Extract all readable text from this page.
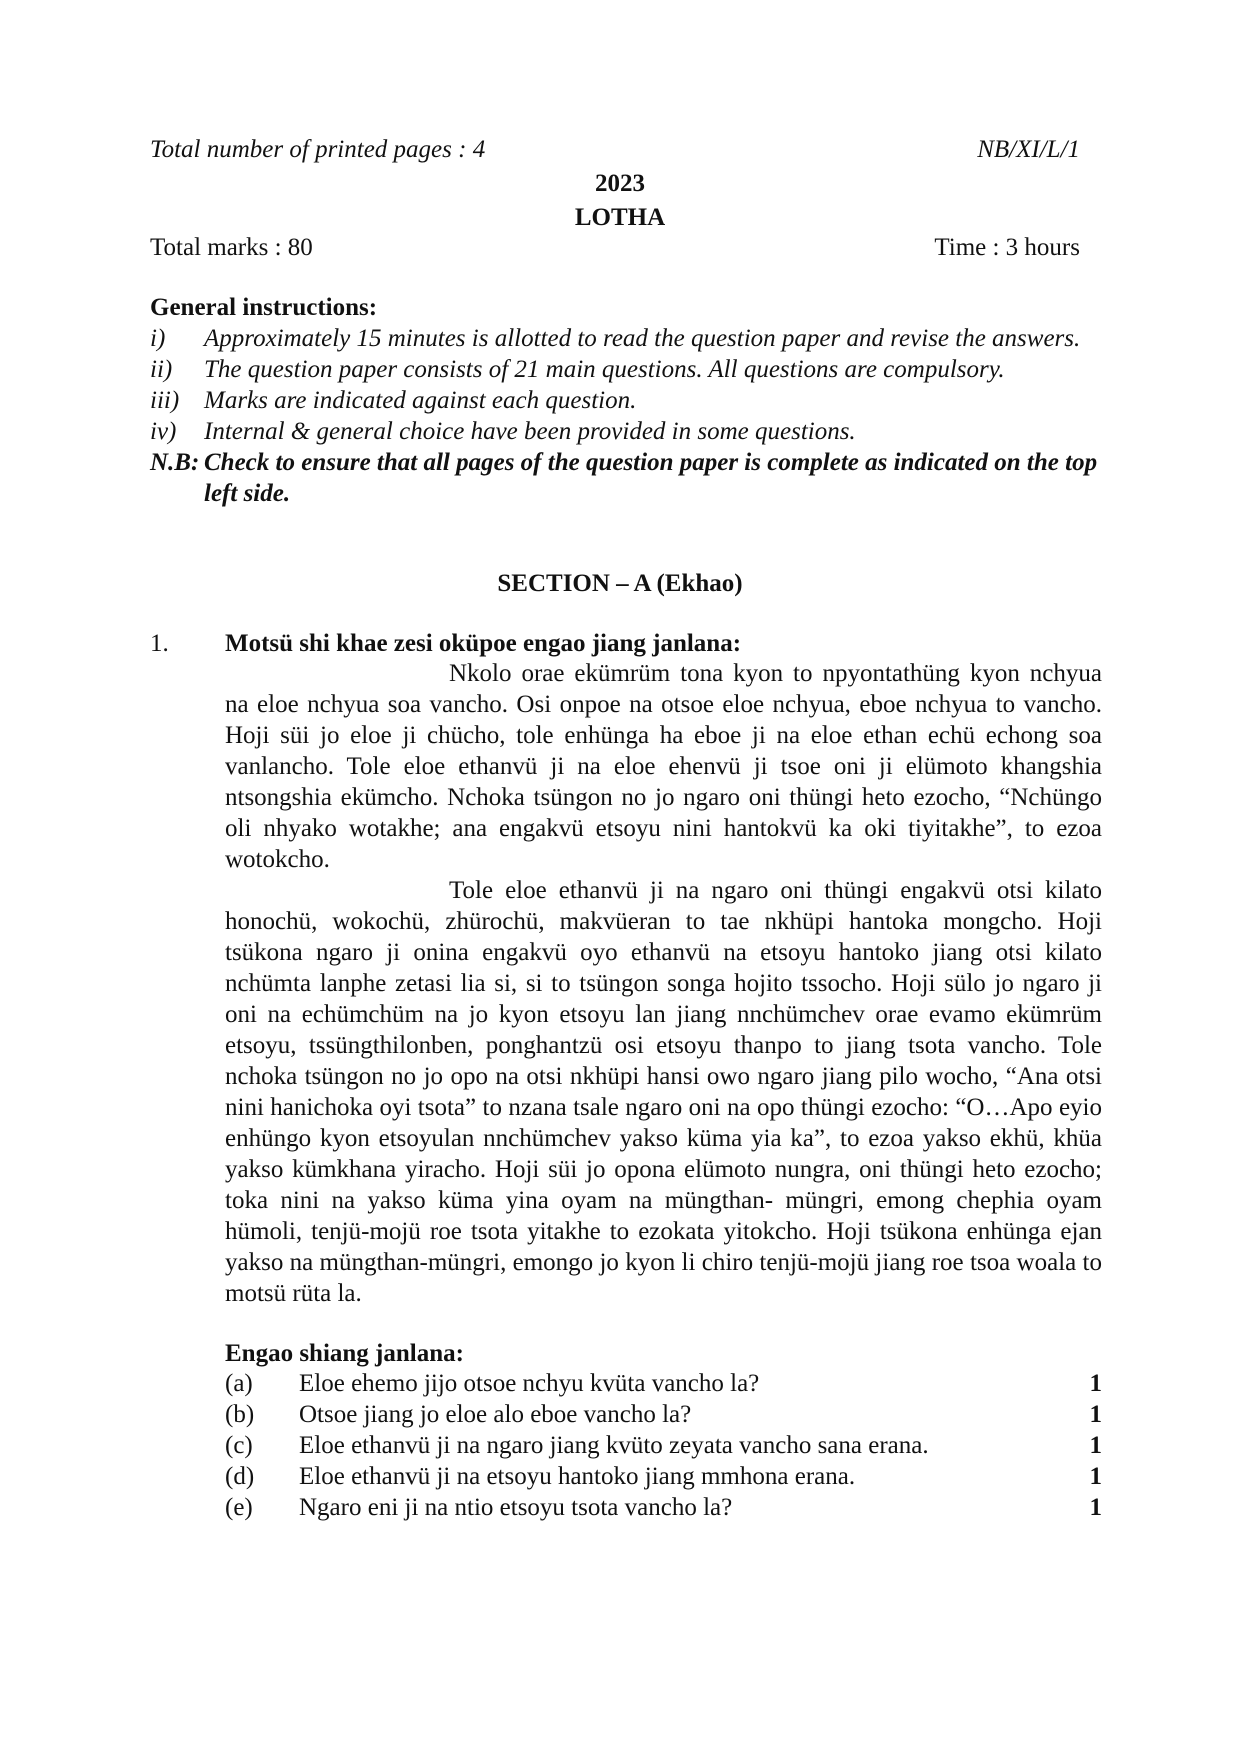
Total number of printed pages : 4	NB/XI/L/1
2023
LOTHA
Total marks : 80	Time : 3 hours
General instructions:
i)	Approximately 15 minutes is allotted to read the question paper and revise the answers.
ii)	The question paper consists of 21 main questions. All questions are compulsory.
iii) Marks are indicated against each question.
iv)	Internal & general choice have been provided in some questions.
N.B: Check to ensure that all pages of the question paper is complete as indicated on the top left side.
SECTION – A (Ekhao)
1. Motsü shi khae zesi oküpoe engao jiang janlana:

Nkolo orae ekümrüm tona kyon to npyontathüng kyon nchyua na eloe nchyua soa vancho. Osi onpoe na otsoe eloe nchyua, eboe nchyua to vancho. Hoji süi jo eloe ji chücho, tole enhünga ha eboe ji na eloe ethan echü echong soa vanlancho. Tole eloe ethanvü ji na eloe ehenvü ji tsoe oni ji elümoto khangshia ntsongshia ekümcho. Nchoka tsüngon no jo ngaro oni thüngi heto ezocho, “Nchüngo oli nhyako wotakhe; ana engakvü etsoyu nini hantokvü ka oki tiyitakhe”, to ezoa wotokcho.

Tole eloe ethanvü ji na ngaro oni thüngi engakvü otsi kilato honochü, wokochü, zhürochü, makvüeran to tae nkhüpi hantoka mongcho. Hoji tsükona ngaro ji onina engakvü oyo ethanvü na etsoyu hantoko jiang otsi kilato nchümta lanphe zetasi lia si, si to tsüngon songa hojito tssocho. Hoji sülo jo ngaro ji oni na echümchüm na jo kyon etsoyu lan jiang nnchümchev orae evamo ekümrüm etsoyu, tssüngthilonben, ponghantzü osi etsoyu thanpo to jiang tsota vancho. Tole nchoka tsüngon no jo opo na otsi nkhüpi hansi owo ngaro jiang pilo wocho, “Ana otsi nini hanichoka oyi tsota” to nzana tsale ngaro oni na opo thüngi ezocho: “O…Apo eyio enhüngo kyon etsoyulan nnchümchev yakso küma yia ka”, to ezoa yakso ekhü, khüa yakso kümkhana yiracho. Hoji süi jo opona elümoto nungra, oni thüngi heto ezocho; toka nini na yakso küma yina oyam na müngthan- müngri, emong chephia oyam hümoli, tenjü-mojü roe tsota yitakhe to ezokata yitokcho. Hoji tsükona enhünga ejan yakso na müngthan-müngri, emongo jo kyon li chiro tenjü-mojü jiang roe tsoa woala to motsü rüta la.

Engao shiang janlana:
(a)	Eloe ehemo jijo otsoe nchyu kvüta vancho la?	1
(b)	Otsoe jiang jo eloe alo eboe vancho la?	1
(c)	Eloe ethanvü ji na ngaro jiang kvüto zeyata vancho sana erana.	1
(d)	Eloe ethanvü ji na etsoyu hantoko jiang mmhona erana.	1
(e)	Ngaro eni ji na ntio etsoyu tsota vancho la?	1
